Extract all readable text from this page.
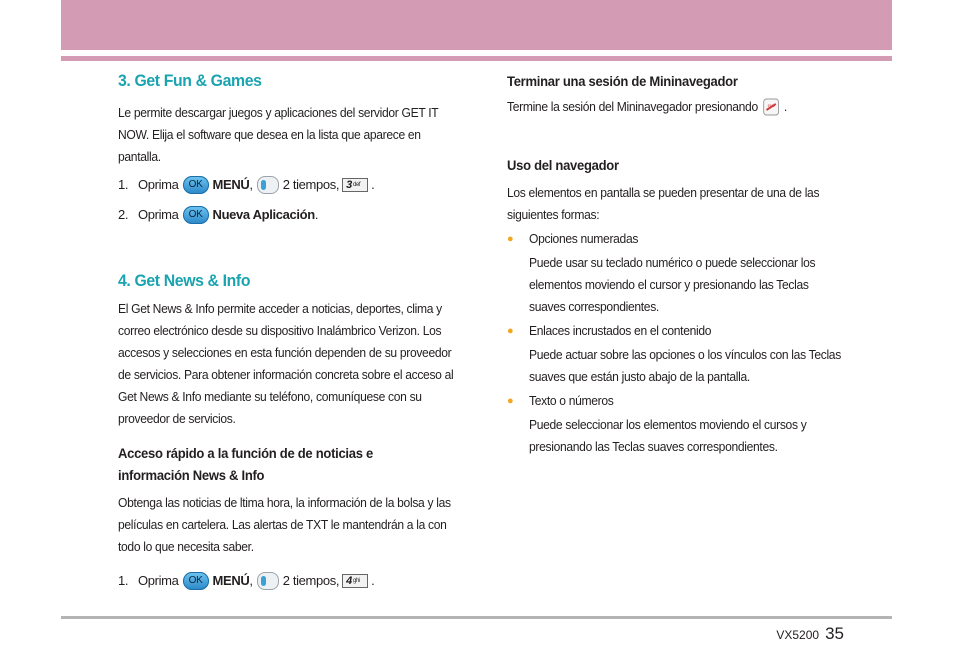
3. Get Fun & Games

Le permite descargar juegos y aplicaciones del servidor GET IT NOW. Elija el software que desea en la lista que aparece en pantalla.

1. Oprima	OK MENÚ , 2 tiempos, 3 def .
2. Oprima	OK Nueva Aplicación .
4. Get News & Info

El Get News & Info permite acceder a noticias, deportes, clima y correo electrónico desde su dispositivo Inalámbrico Verizon. Los accesos y selecciones en esta función dependen de su proveedor de servicios. Para obtener información concreta sobre el acceso al Get News & Info mediante su teléfono, comuníquese con su proveedor de servicios.

Acceso rápido a la función de de noticias e información News & Info

Obtenga las noticias de ltima hora, la información de la bolsa y las películas en cartelera. Las alertas de TXT le mantendrán a la con todo lo que necesita saber.

1. Oprima	OK MENÚ , 2 tiempos, 4 ghi .

Terminar una sesión de Mininavegador

Termine la sesión del Mininavegador presionando END .

Uso del navegador

Los elementos en pantalla se pueden presentar de una de las siguientes formas:

●	Opciones numeradas

Puede usar su teclado numérico o puede seleccionar los elementos moviendo el cursor y presionando las Teclas suaves correspondientes.

●	Enlaces incrustados en el contenido

Puede actuar sobre las opciones o los vínculos con las Teclas suaves que están justo abajo de la pantalla.

●	Texto o números

Puede seleccionar los elementos moviendo el cursos y presionando las Teclas suaves correspondientes.

VX5200 35
